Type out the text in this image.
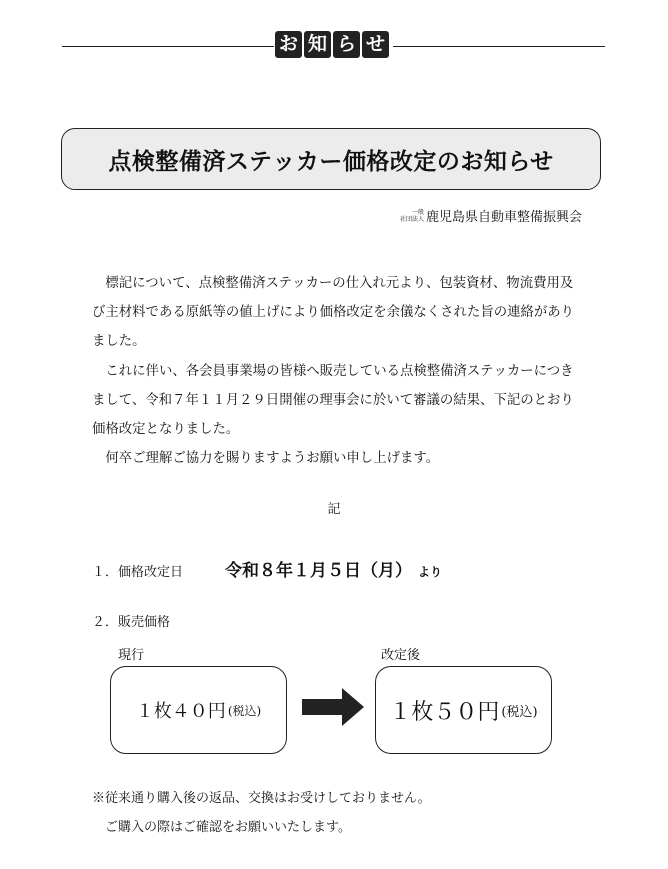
お 知 ら せ
点検整備済ステッカー価格改定のお知らせ
一般
社団法人 鹿児島県自動車整備振興会

標記について、点検整備済ステッカーの仕入れ元より、包装資材、物流費用及び主材料である原紙等の値上げにより価格改定を余儀なくされた旨の連絡がありました。

これに伴い、各会員事業場の皆様へ販売している点検整備済ステッカーにつきまして、令和７年１１月２９日開催の理事会に於いて審議の結果、下記のとおり価格改定となりました。

何卒ご理解ご協力を賜りますようお願い申し上げます。

記
１． 価格改定日	令和８年１月５日（月） より
２． 販売価格
現行	改定後
１枚４０円 (税込)	１枚５０円 (税込)
※従来通り購入後の返品、交換はお受けしておりません。
ご購入の際はご確認をお願いいたします。
